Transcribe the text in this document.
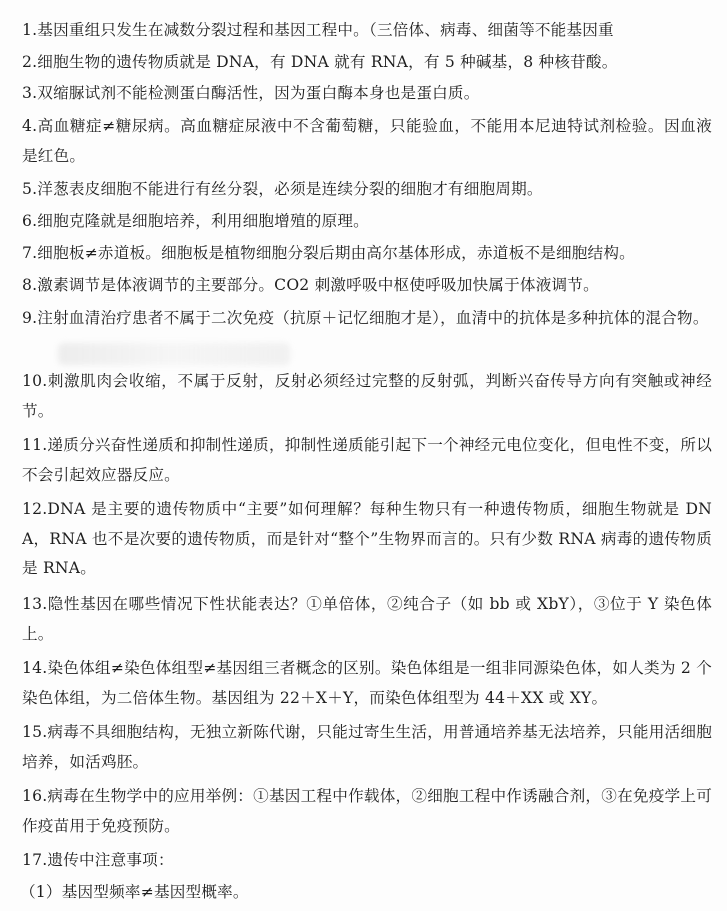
1.基因重组只发生在减数分裂过程和基因工程中。（三倍体、病毒、细菌等不能基因重
2.细胞生物的遗传物质就是 DNA，有 DNA 就有 RNA，有 5 种碱基，8 种核苷酸。
3.双缩脲试剂不能检测蛋白酶活性，因为蛋白酶本身也是蛋白质。
4.高血糖症≠糖尿病。高血糖症尿液中不含葡萄糖，只能验血，不能用本尼迪特试剂检验。因血液是红色。
5.洋葱表皮细胞不能进行有丝分裂，必须是连续分裂的细胞才有细胞周期。
6.细胞克隆就是细胞培养，利用细胞增殖的原理。
7.细胞板≠赤道板。细胞板是植物细胞分裂后期由高尔基体形成，赤道板不是细胞结构。
8.激素调节是体液调节的主要部分。CO2 刺激呼吸中枢使呼吸加快属于体液调节。
9.注射血清治疗患者不属于二次免疫（抗原＋记忆细胞才是），血清中的抗体是多种抗体的混合物。
10.刺激肌肉会收缩，不属于反射，反射必须经过完整的反射弧，判断兴奋传导方向有突触或神经节。
11.递质分兴奋性递质和抑制性递质，抑制性递质能引起下一个神经元电位变化，但电性不变，所以不会引起效应器反应。
12.DNA 是主要的遗传物质中“主要”如何理解？每种生物只有一种遗传物质，细胞生物就是 DNA，RNA 也不是次要的遗传物质，而是针对“整个”生物界而言的。只有少数 RNA 病毒的遗传物质是 RNA。
13.隐性基因在哪些情况下性状能表达？①单倍体，②纯合子（如 bb 或 XbY），③位于 Y 染色体上。
14.染色体组≠染色体组型≠基因组三者概念的区别。染色体组是一组非同源染色体，如人类为 2 个染色体组，为二倍体生物。基因组为 22＋X＋Y，而染色体组型为 44＋XX 或 XY。
15.病毒不具细胞结构，无独立新陈代谢，只能过寄生生活，用普通培养基无法培养，只能用活细胞培养，如活鸡胚。
16.病毒在生物学中的应用举例：①基因工程中作载体，②细胞工程中作诱融合剂，③在免疫学上可作疫苗用于免疫预防。
17.遗传中注意事项：
（1）基因型频率≠基因型概率。
